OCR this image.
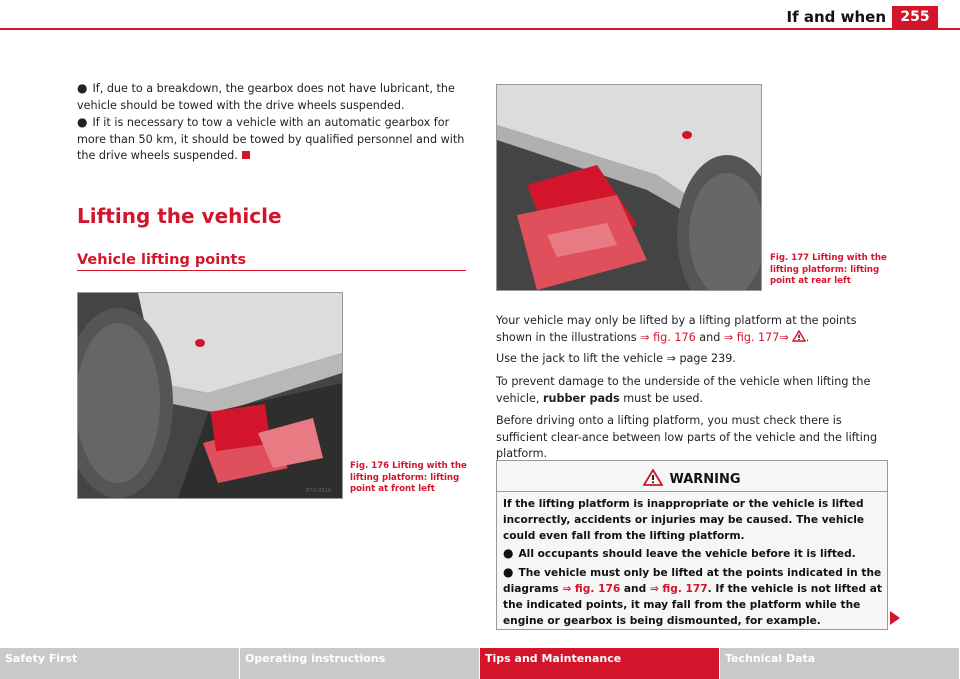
If and when	255

● If, due to a breakdown, the gearbox does not have lubricant, the vehicle should be towed with the drive wheels suspended.

● If it is necessary to tow a vehicle with an automatic gearbox for more than 50 km, it should be towed by qualified personnel and with the drive wheels suspended.

Lifting the vehicle
Vehicle lifting points
B7G-0516

Fig. 176 Lifting with the lifting platform: lifting point at front left

B7G-0517

Fig. 177 Lifting with the lifting platform: lifting point at rear left

Your vehicle may only be lifted by a lifting platform at the points shown in the illustrations ⇒ fig. 176 and ⇒ fig. 177⇒ .

Use the jack to lift the vehicle ⇒ page 239.

To prevent damage to the underside of the vehicle when lifting the vehicle, rubber pads must be used.

Before driving onto a lifting platform, you must check there is sufficient clear-ance between low parts of the vehicle and the lifting platform.

WARNING

If the lifting platform is inappropriate or the vehicle is lifted incorrectly, accidents or injuries may be caused. The vehicle could even fall from the lifting platform.

● All occupants should leave the vehicle before it is lifted.

● The vehicle must only be lifted at the points indicated in the diagrams ⇒ fig. 176 and ⇒ fig. 177. If the vehicle is not lifted at the indicated points, it may fall from the platform while the engine or gearbox is being dismounted, for example.

Safety First	Operating instructions	Tips and Maintenance	Technical Data
